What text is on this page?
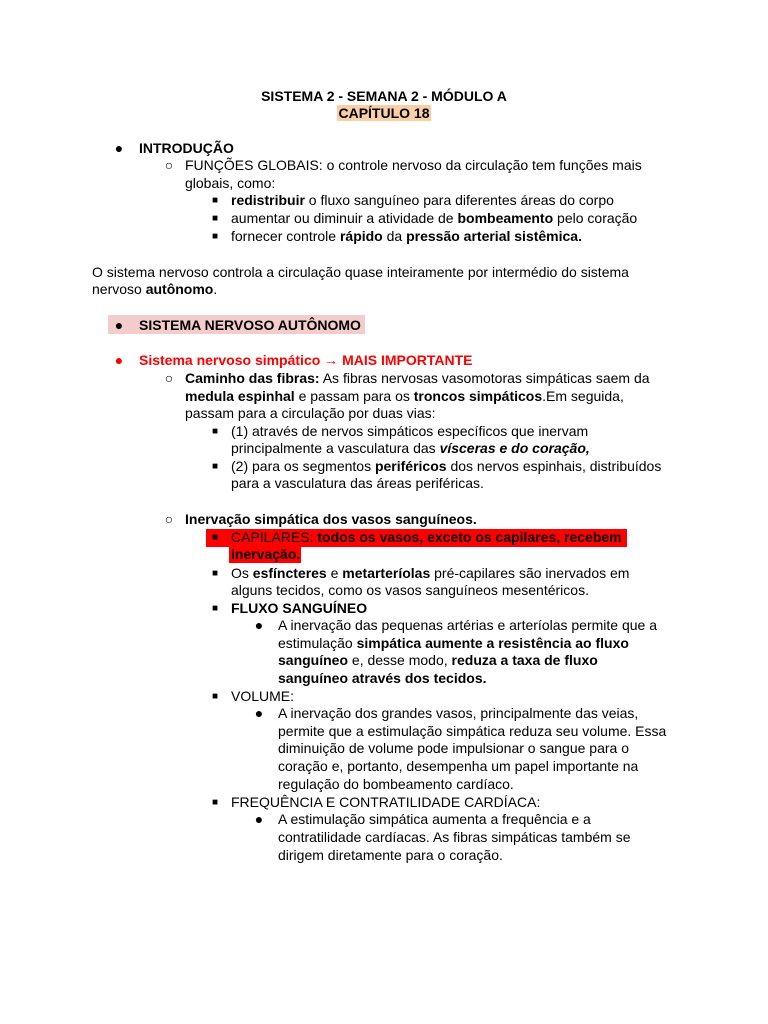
SISTEMA 2 - SEMANA 2 - MÓDULO A
CAPÍTULO 18
● INTRODUÇÃO
○ FUNÇÕES GLOBAIS: o controle nervoso da circulação tem funções mais
globais, como:
■ redistribuir o fluxo sanguíneo para diferentes áreas do corpo
■ aumentar ou diminuir a atividade de bombeamento pelo coração
■ fornecer controle rápido da pressão arterial sistêmica.
O sistema nervoso controla a circulação quase inteiramente por intermédio do sistema
nervoso autônomo.
● SISTEMA NERVOSO AUTÔNOMO
● Sistema nervoso simpático → MAIS IMPORTANTE
○ Caminho das fibras: As fibras nervosas vasomotoras simpáticas saem da
medula espinhal e passam para os troncos simpáticos.Em seguida,
passam para a circulação por duas vias:
■ (1) através de nervos simpáticos específicos que inervam
principalmente a vasculatura das vísceras e do coração,
■ (2) para os segmentos periféricos dos nervos espinhais, distribuídos
para a vasculatura das áreas periféricas.
○ Inervação simpática dos vasos sanguíneos.
■ CAPILARES: todos os vasos, exceto os capilares, recebem
inervação.
■ Os esfíncteres e metarteríolas pré-capilares são inervados em
alguns tecidos, como os vasos sanguíneos mesentéricos.
■ FLUXO SANGUÍNEO
● A inervação das pequenas artérias e arteríolas permite que a
estimulação simpática aumente a resistência ao fluxo
sanguíneo e, desse modo, reduza a taxa de fluxo
sanguíneo através dos tecidos.
■ VOLUME:
● A inervação dos grandes vasos, principalmente das veias,
permite que a estimulação simpática reduza seu volume. Essa
diminuição de volume pode impulsionar o sangue para o
coração e, portanto, desempenha um papel importante na
regulação do bombeamento cardíaco.
■ FREQUÊNCIA E CONTRATILIDADE CARDÍACA:
● A estimulação simpática aumenta a frequência e a
contratilidade cardíacas. As fibras simpáticas também se
dirigem diretamente para o coração.
